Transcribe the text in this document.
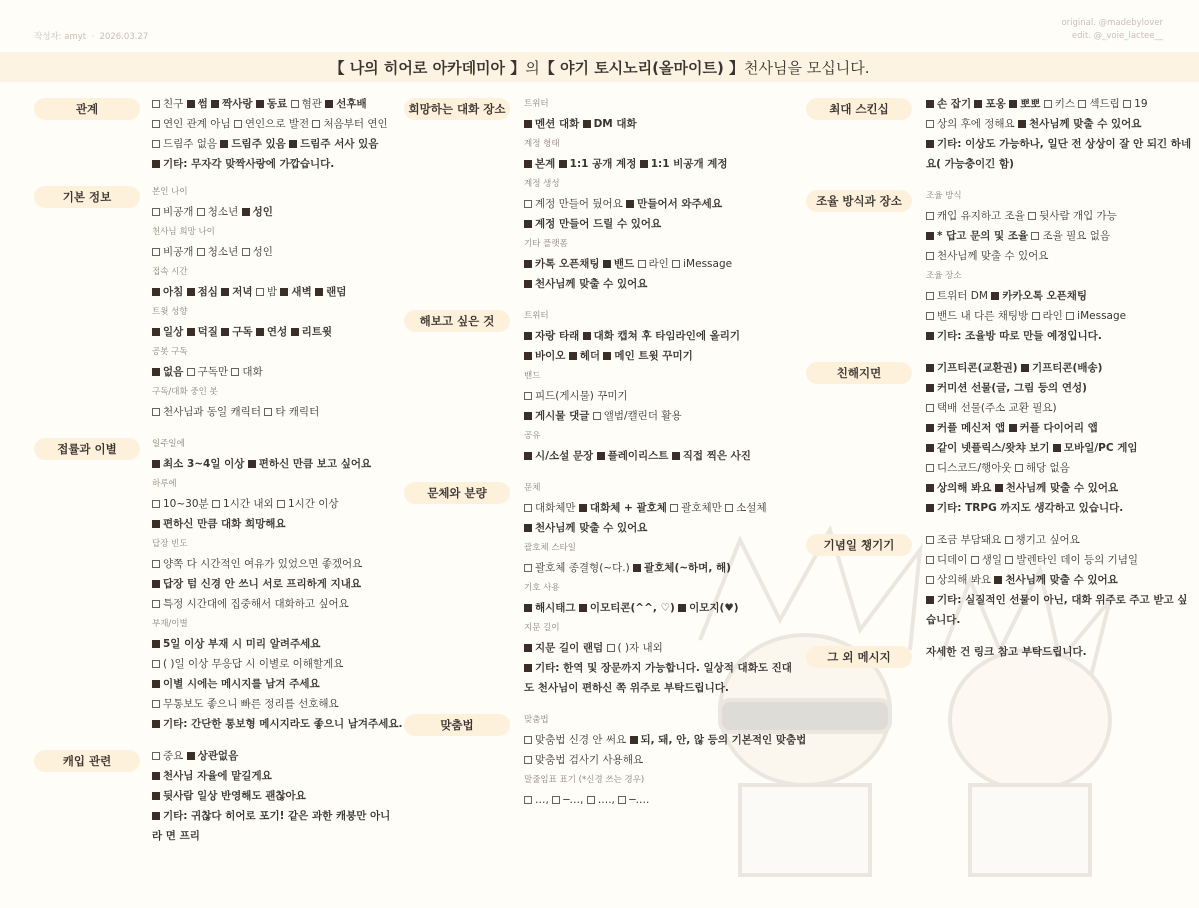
작성자: amyt · 2026.03.27
original. @madebylover
edit. @_voie_lactee__
【 나의 히어로 아카데미아 】 의 【 야기 토시노리(올마이트) 】 천사님을 모십니다.
관계	친구 썸 짝사랑 동료 혐관 선후배
연인 관계 아님 연인으로 발전 처음부터 연인
드림주 없음 드림주 있음 드림주 서사 있음
기타: 무자각 맞짝사랑에 가깝습니다.
기본 정보	본인 나이
비공개 청소년 성인
천사님 희망 나이
비공개 청소년 성인
접속 시간
아침 점심 저녁 밤 새벽 랜덤
트윗 성향
일상 덕질 구독 연성 리트윗
공봇 구독
없음 구독만 대화
구독/대화 중인 봇
천사님과 동일 캐릭터 타 캐릭터
접률과 이별	일주일에
최소 3~4일 이상 편하신 만큼 보고 싶어요
하루에
10~30분 1시간 내외 1시간 이상
편하신 만큼 대화 희망해요
답장 빈도
양쪽 다 시간적인 여유가 있었으면 좋겠어요
답장 텀 신경 안 쓰니 서로 프리하게 지내요
특정 시간대에 집중해서 대화하고 싶어요
부재/이별
5일 이상 부재 시 미리 알려주세요
( )일 이상 무응답 시 이별로 이해할게요
이별 시에는 메시지를 남겨 주세요
무통보도 좋으니 빠른 정리를 선호해요
기타: 간단한 통보형 메시지라도 좋으니 남겨주세요.
캐입 관련	중요 상관없음
천사님 자율에 맡길게요
뒷사람 일상 반영해도 괜찮아요
기타: 귀찮다 히어로 포기! 같은 과한 캐붕만 아니라 면 프리
희망하는 대화 장소	트위터
멘션 대화 DM 대화
계정 형태
본계 1:1 공개 계정 1:1 비공개 계정
계정 생성
계정 만들어 뒀어요 만들어서 와주세요
계정 만들어 드릴 수 있어요
기타 플랫폼
카톡 오픈채팅 밴드 라인 iMessage
천사님께 맞출 수 있어요
해보고 싶은 것	트위터
자랑 타래 대화 캡쳐 후 타임라인에 올리기
바이오 헤더 메인 트윗 꾸미기
밴드
피드(게시물) 꾸미기
게시물 댓글 앨범/캘린더 활용
공유
시/소설 문장 플레이리스트 직접 찍은 사진
문체와 분량	문체
대화체만 대화체 + 괄호체 괄호체만 소설체
천사님께 맞출 수 있어요
괄호체 스타일
괄호체 종결형(~다.) 괄호체(~하며, 해)
기호 사용
해시태그 이모티콘(^^, ♡) 이모지(♥)
지문 길이
지문 길이 랜덤 ( )자 내외
기타: 한역 및 장문까지 가능합니다. 일상적 대화도 진대도 천사님이 편하신 쪽 위주로 부탁드립니다.
맞춤법	맞춤법
맞춤법 신경 안 써요 되, 돼, 안, 않 등의 기본적인 맞춤법
맞춤법 검사기 사용해요
말줄임표 표기 (*신경 쓰는 경우)
…, ─…, …., ─….
최대 스킨십	손 잡기 포옹 뽀뽀 키스 섹드립 19
상의 후에 정해요 천사님께 맞출 수 있어요
기타: 이상도 가능하나, 일단 전 상상이 잘 안 되긴 하네요( 가능충이긴 함)
조율 방식과 장소	조율 방식
캐입 유지하고 조율 뒷사람 개입 가능
* 답고 문의 및 조율 조율 필요 없음
천사님께 맞출 수 있어요
조율 장소
트위터 DM 카카오톡 오픈채팅
밴드 내 다른 채팅방 라인 iMessage
기타: 조율방 따로 만들 예정입니다.
친해지면	기프티콘(교환권) 기프티콘(배송)
커미션 선물(글, 그림 등의 연성)
택배 선물(주소 교환 필요)
커플 메신저 앱 커플 다이어리 앱
같이 넷플릭스/왓챠 보기 모바일/PC 게임
디스코드/행아웃 해당 없음
상의해 봐요 천사님께 맞출 수 있어요
기타: TRPG 까지도 생각하고 있습니다.
기념일 챙기기	조금 부담돼요 챙기고 싶어요
디데이 생일 발렌타인 데이 등의 기념일
상의해 봐요 천사님께 맞출 수 있어요
기타: 실질적인 선물이 아닌, 대화 위주로 주고 받고 싶습니다.
그 외 메시지	자세한 건 링크 참고 부탁드립니다.
